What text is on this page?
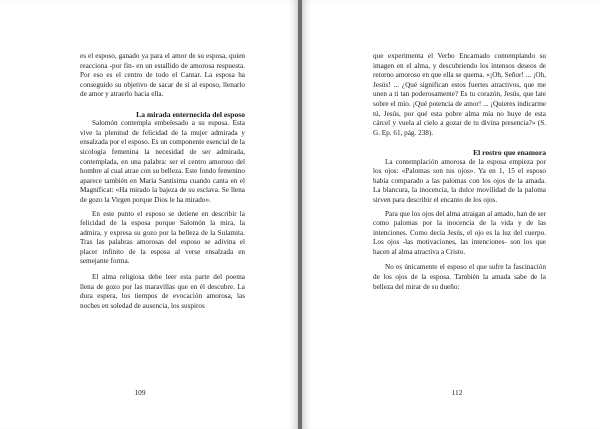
es el esposo, ganado ya para el amor de su esposa, quien reacciona -por fin- en un estallido de amorosa respuesta. Por eso es el centro de todo el Cantar. La esposa ha conseguido su objetivo de sacar de sí al esposo, llenarlo de amor y atraerlo hacia ella.

La mirada enternecida del esposo

Salomón contempla embelesado a su esposa. Esta vive la plenitud de felicidad de la mujer admirada y ensalzada por el esposo. Es un componente esencial de la sicología femenina la necesidad de ser admirada, contemplada, en una palabra: ser el centro amoroso del hombre al cual atrae con su belleza. Este fondo femenino aparece también en María Santísima cuando canta en el Magníficat: «Ha mirado la bajeza de su esclava. Se llena de gozo la Virgen porque Dios le ha mirado».

En este punto el esposo se detiene en describir la felicidad de la esposa porque Salomón la mira, la admira, y expresa su gozo por la belleza de la Sulamita. Tras las palabras amorosas del esposo se adivina el placer infinito de la esposa al verse ensalzada en semejante forma.

El alma religiosa debe leer esta parte del poema llena de gozo por las maravillas que en él descubre. La dura espera, los tiempos de evocación amorosa, las noches en soledad de ausencia, los suspiros

109

que experimenta el Verbo Encarnado contemplando su imagen en el alma, y descubriendo los intensos deseos de retorno amoroso en que ella se quema. «¡Oh, Señor! ... ¡Oh, Jesús! ... ¿Qué significan estos fuertes atractivos, que me unen a ti tan poderosamente? Es tu corazón, Jesús, que late sobre el mío. ¡Qué potencia de amor! ... ¡Quieres indicarme tú, Jesús, por qué esta pobre alma mía no huye de esta cárcel y vuela al cielo a gozar de tu divina presencia?» (S. G. Ep. 61, pág. 238).

El rostro que enamora

La contemplación amorosa de la esposa empieza por los ojos: «Palomas son tus ojos». Ya en 1, 15 el esposo había comparado a las palomas con los ojos de la amada. La blancura, la inocencia, la dulce movilidad de la paloma sirven para describir el encanto de los ojos.

Para que los ojos del alma atraigan al amado, han de ser como palomas por la inocencia de la vida y de las intenciones. Como decía Jesús, el ojo es la luz del cuerpo. Los ojos -las motivaciones, las intenciones- son los que hacen al alma atractiva a Cristo.

No es únicamente el esposo el que sufre la fascinación de los ojos de la esposa. También la amada sabe de la belleza del mirar de su dueño:

112
